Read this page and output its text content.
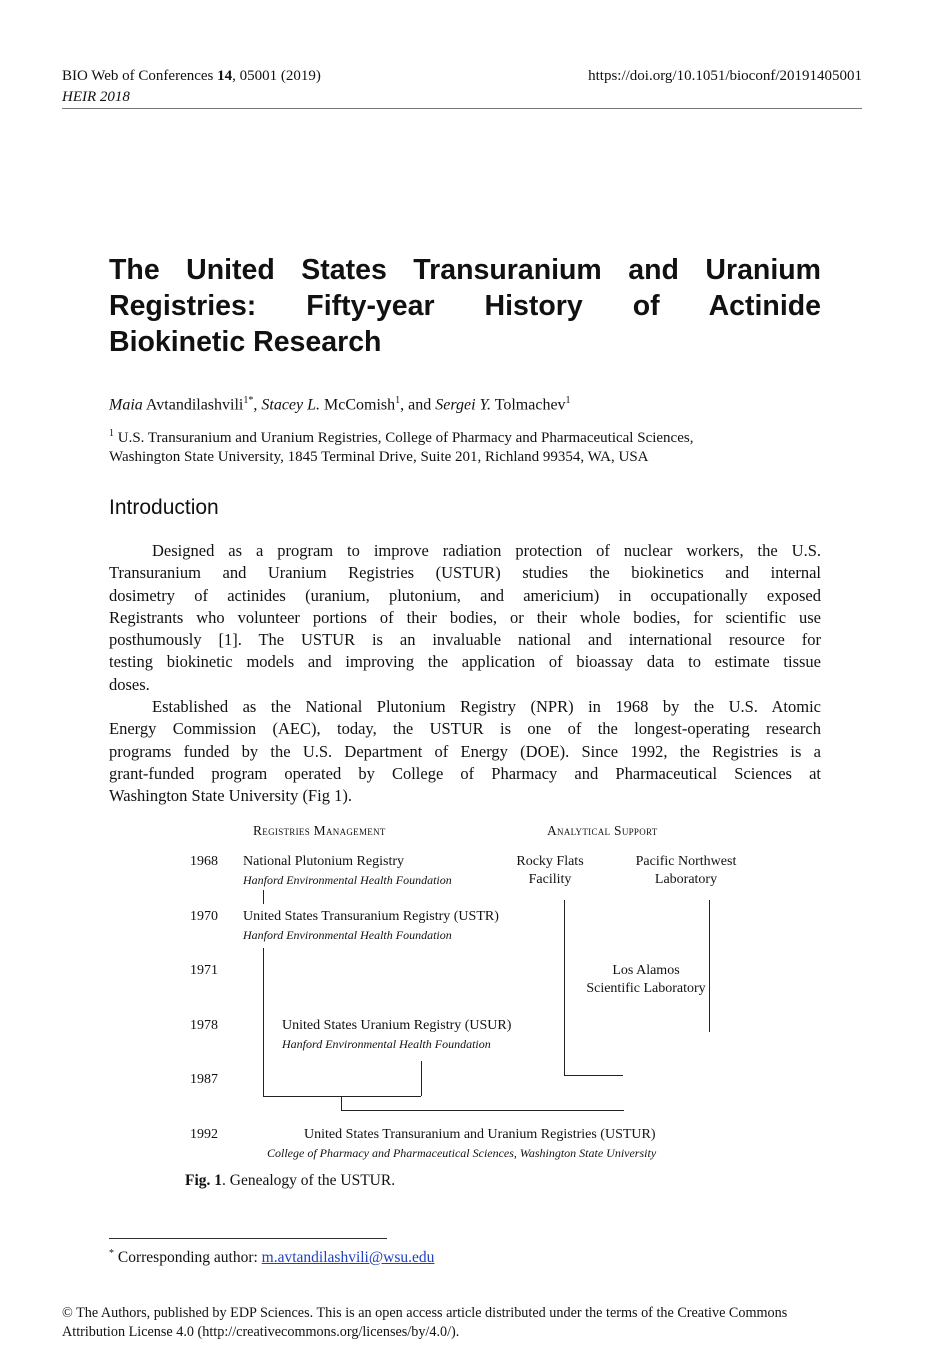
BIO Web of Conferences 14, 05001 (2019)
HEIR 2018
https://doi.org/10.1051/bioconf/20191405001
The United States Transuranium and Uranium
Registries: Fifty-year History of Actinide
Biokinetic Research
Maia Avtandilashvili$^{1*}$, Stacey L. McComish$^1$, and Sergei Y. Tolmachev$^1$
$^1$ U.S. Transuranium and Uranium Registries, College of Pharmacy and Pharmaceutical Sciences,
Washington State University, 1845 Terminal Drive, Suite 201, Richland 99354, WA, USA
Introduction

Designed as a program to improve radiation protection of nuclear workers, the U.S.
Transuranium and Uranium Registries (USTUR) studies the biokinetics and internal
dosimetry of actinides (uranium, plutonium, and americium) in occupationally exposed
Registrants who volunteer portions of their bodies, or their whole bodies, for scientific use
posthumously [1]. The USTUR is an invaluable national and international resource for
testing biokinetic models and improving the application of bioassay data to estimate tissue
doses.

Established as the National Plutonium Registry (NPR) in 1968 by the U.S. Atomic
Energy Commission (AEC), today, the USTUR is one of the longest-operating research
programs funded by the U.S. Department of Energy (DOE). Since 1992, the Registries is a
grant-funded program operated by College of Pharmacy and Pharmaceutical Sciences at
Washington State University (Fig 1).

Registries Management	Analytical Support
1968
1970
1971
1978
1987
1992
National Plutonium Registry
Hanford Environmental Health Foundation
Rocky Flats
Facility
Pacific Northwest
Laboratory
United States Transuranium Registry (USTR)
Hanford Environmental Health Foundation
Los Alamos
Scientific Laboratory
United States Uranium Registry (USUR)
Hanford Environmental Health Foundation
United States Transuranium and Uranium Registries (USTUR)
College of Pharmacy and Pharmaceutical Sciences, Washington State University
Fig. 1. Genealogy of the USTUR.
* Corresponding author: m.avtandilashvili@wsu.edu
© The Authors, published by EDP Sciences. This is an open access article distributed under the terms of the Creative Commons
Attribution License 4.0 (http://creativecommons.org/licenses/by/4.0/).
